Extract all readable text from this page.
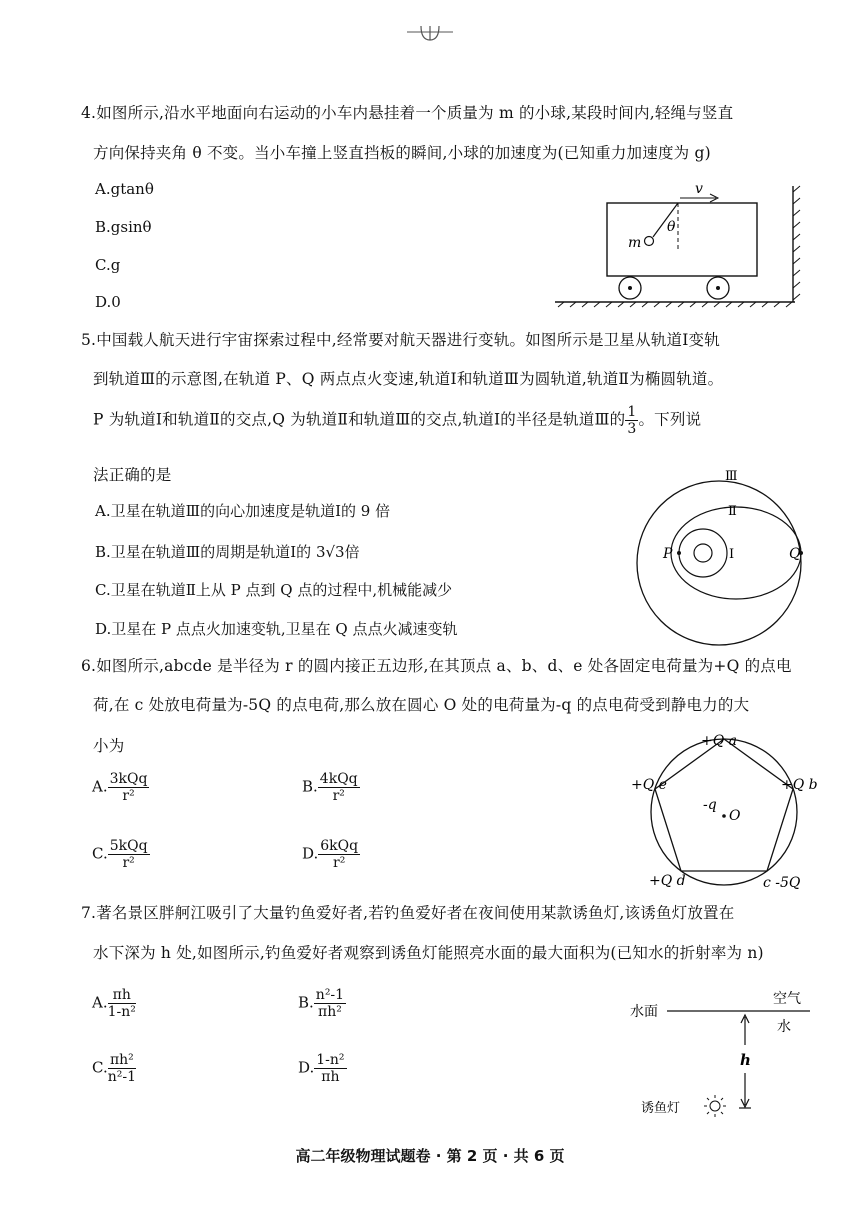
4.如图所示,沿水平地面向右运动的小车内悬挂着一个质量为 m 的小球,某段时间内,轻绳与竖直
方向保持夹角 θ 不变。当小车撞上竖直挡板的瞬间,小球的加速度为(已知重力加速度为 g)
A.gtanθ
B.gsinθ
C.g
D.0
v
θ
m
5.中国载人航天进行宇宙探索过程中,经常要对航天器进行变轨。如图所示是卫星从轨道Ⅰ变轨
到轨道Ⅲ的示意图,在轨道 P、Q 两点点火变速,轨道Ⅰ和轨道Ⅲ为圆轨道,轨道Ⅱ为椭圆轨道。
P 为轨道Ⅰ和轨道Ⅱ的交点,Q 为轨道Ⅱ和轨道Ⅲ的交点,轨道Ⅰ的半径是轨道Ⅲ的 $\frac{1}{3}$ 。下列说
法正确的是
A.卫星在轨道Ⅲ的向心加速度是轨道Ⅰ的 9 倍
B.卫星在轨道Ⅲ的周期是轨道Ⅰ的 3√3倍
C.卫星在轨道Ⅱ上从 P 点到 Q 点的过程中,机械能减少
D.卫星在 P 点点火加速变轨,卫星在 Q 点点火减速变轨
Ⅲ
Ⅱ
Ⅰ
P	Q
6.如图所示,abcde 是半径为 r 的圆内接正五边形,在其顶点 a、b、d、e 处各固定电荷量为+Q 的点电
荷,在 c 处放电荷量为-5Q 的点电荷,那么放在圆心 O 处的电荷量为-q 的点电荷受到静电力的大
小为
A. $\frac{\text{3kQq}}{\text{r²}}$	B. $\frac{\text{4kQq}}{\text{r²}}$
C. $\frac{\text{5kQq}}{\text{r²}}$	D. $\frac{\text{6kQq}}{\text{r²}}$
+Q a
+Q b
c -5Q
+Q d
+Q e
-q
O
7.著名景区胖舸江吸引了大量钓鱼爱好者,若钓鱼爱好者在夜间使用某款诱鱼灯,该诱鱼灯放置在
水下深为 h 处,如图所示,钓鱼爱好者观察到诱鱼灯能照亮水面的最大面积为(已知水的折射率为 n)
A. $\frac{\pi h}{\text{1-n²}}$	B. $\frac{\text{n²-1}}{\text{πh²}}$
C. $\frac{\text{πh²}}{\text{n²-1}}$	D. $\frac{\text{1-n²}}{\pi h}$
水面
空气
水
h
诱鱼灯
高二年级物理试题卷 · 第 2 页 · 共 6 页
